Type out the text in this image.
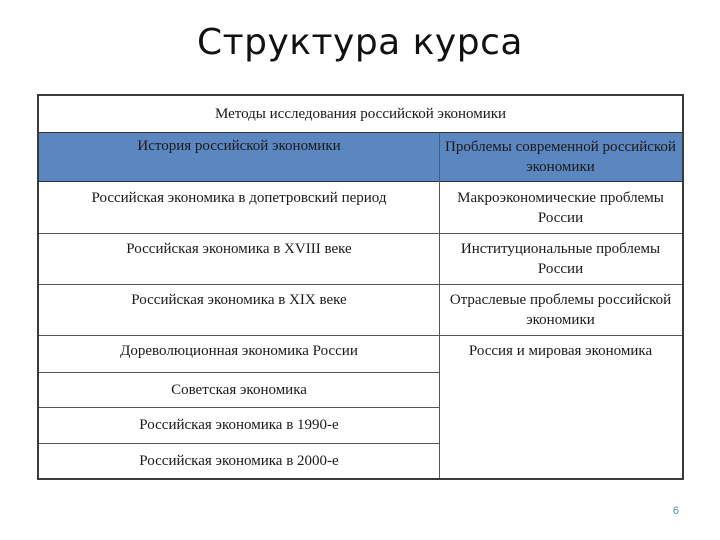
Структура курса
Методы исследования российской экономики
История российской экономики	Проблемы современной российской экономики
Российская экономика в допетровский период
Российская экономика в XVIII веке
Российская экономика в XIX веке
Дореволюционная экономика России
Советская экономика
Российская экономика в 1990-е
Российская экономика в 2000-е
Макроэкономические проблемы России
Институциональные проблемы России
Отраслевые проблемы российской экономики
Россия и мировая экономика
6
